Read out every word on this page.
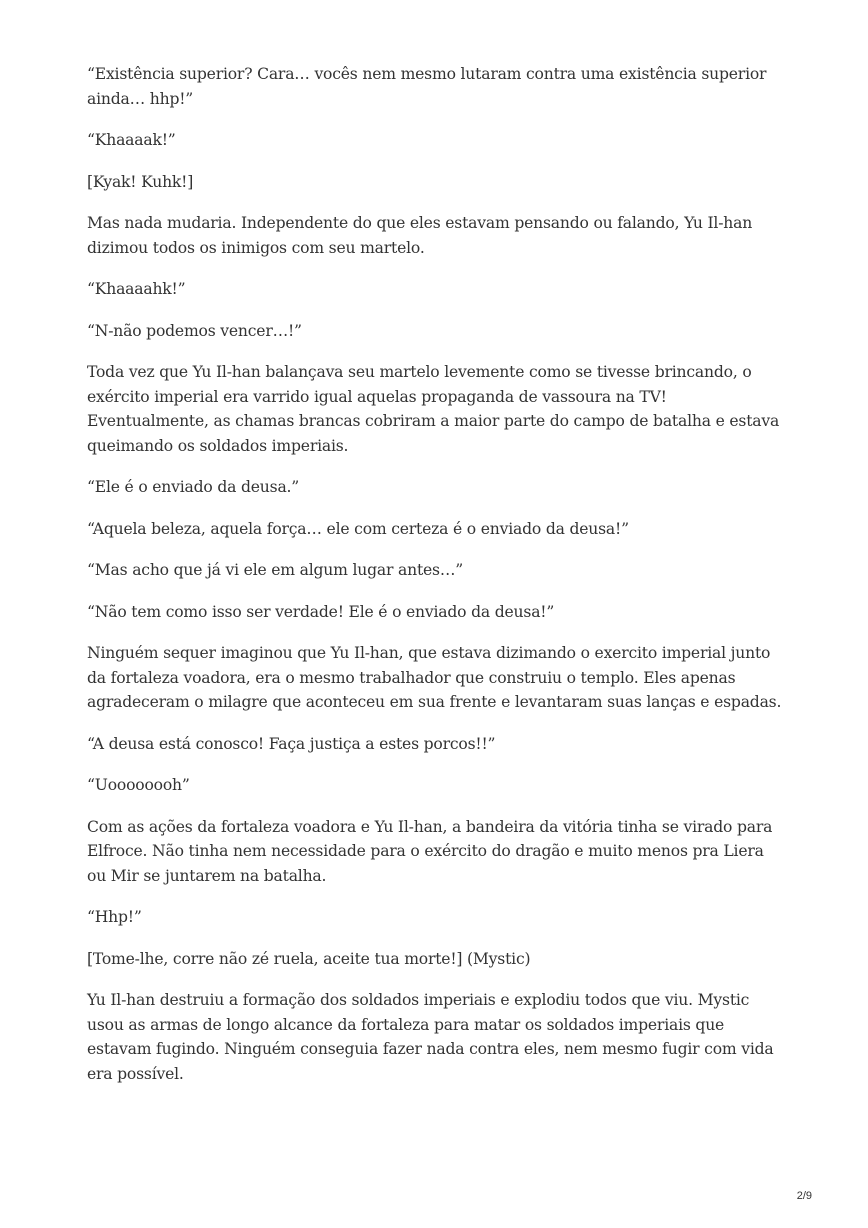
“Existência superior? Cara… vocês nem mesmo lutaram contra uma existência superior ainda… hhp!”

“Khaaaak!”

[Kyak! Kuhk!]

Mas nada mudaria. Independente do que eles estavam pensando ou falando, Yu Il-han dizimou todos os inimigos com seu martelo.

“Khaaaahk!”

“N-não podemos vencer…!”

Toda vez que Yu Il-han balançava seu martelo levemente como se tivesse brincando, o exército imperial era varrido igual aquelas propaganda de vassoura na TV! Eventualmente, as chamas brancas cobriram a maior parte do campo de batalha e estava queimando os soldados imperiais.

“Ele é o enviado da deusa.”

“Aquela beleza, aquela força… ele com certeza é o enviado da deusa!”

“Mas acho que já vi ele em algum lugar antes…”

“Não tem como isso ser verdade! Ele é o enviado da deusa!”

Ninguém sequer imaginou que Yu Il-han, que estava dizimando o exercito imperial junto da fortaleza voadora, era o mesmo trabalhador que construiu o templo. Eles apenas agradeceram o milagre que aconteceu em sua frente e levantaram suas lanças e espadas.

“A deusa está conosco! Faça justiça a estes porcos!!”

“Uoooooooh”

Com as ações da fortaleza voadora e Yu Il-han, a bandeira da vitória tinha se virado para Elfroce. Não tinha nem necessidade para o exército do dragão e muito menos pra Liera ou Mir se juntarem na batalha.

“Hhp!”

[Tome-lhe, corre não zé ruela, aceite tua morte!] (Mystic)

Yu Il-han destruiu a formação dos soldados imperiais e explodiu todos que viu. Mystic usou as armas de longo alcance da fortaleza para matar os soldados imperiais que estavam fugindo. Ninguém conseguia fazer nada contra eles, nem mesmo fugir com vida era possível.

2/9
